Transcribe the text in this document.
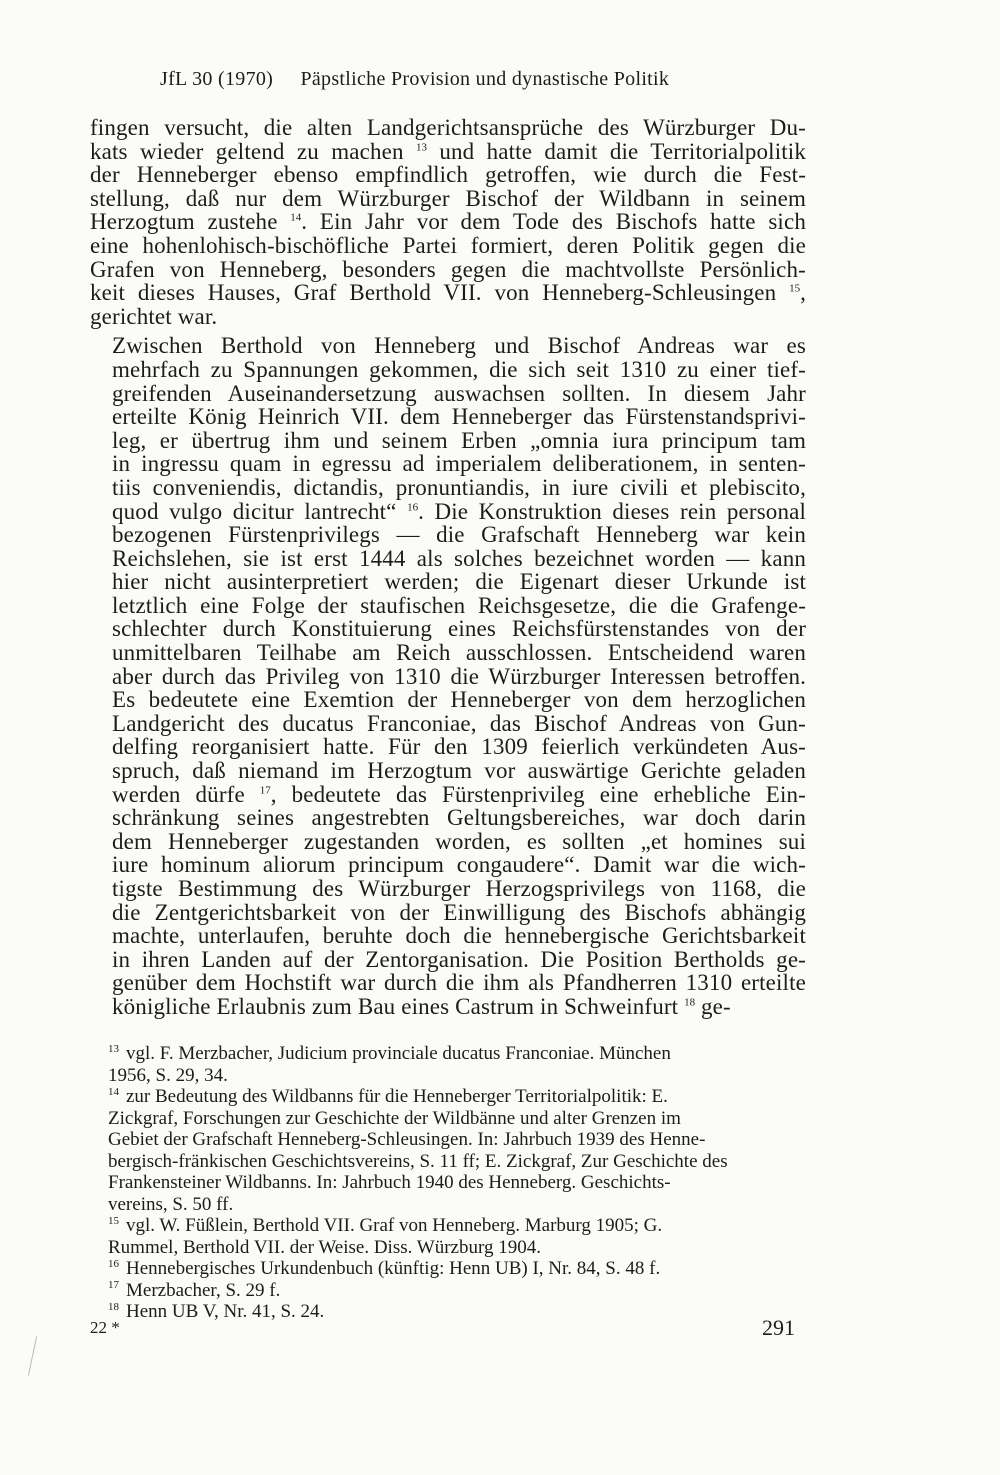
JfL 30 (1970) Päpstliche Provision und dynastische Politik
fingen versucht, die alten Landgerichtsansprüche des Würzburger Du-
kats wieder geltend zu machen $^{13}$ und hatte damit die Territorialpolitik
der Henneberger ebenso empfindlich getroffen, wie durch die Fest-
stellung, daß nur dem Würzburger Bischof der Wildbann in seinem
Herzogtum zustehe $^{14}$. Ein Jahr vor dem Tode des Bischofs hatte sich
eine hohenlohisch-bischöfliche Partei formiert, deren Politik gegen die
Grafen von Henneberg, besonders gegen die machtvollste Persönlich-
keit dieses Hauses, Graf Berthold VII. von Henneberg-Schleusingen $^{15}$,
gerichtet war.
Zwischen Berthold von Henneberg und Bischof Andreas war es
mehrfach zu Spannungen gekommen, die sich seit 1310 zu einer tief-
greifenden Auseinandersetzung auswachsen sollten. In diesem Jahr
erteilte König Heinrich VII. dem Henneberger das Fürstenstandsprivi-
leg, er übertrug ihm und seinem Erben „omnia iura principum tam
in ingressu quam in egressu ad imperialem deliberationem, in senten-
tiis conveniendis, dictandis, pronuntiandis, in iure civili et plebiscito,
quod vulgo dicitur lantrecht“ $^{16}$. Die Konstruktion dieses rein personal
bezogenen Fürstenprivilegs — die Grafschaft Henneberg war kein
Reichslehen, sie ist erst 1444 als solches bezeichnet worden — kann
hier nicht ausinterpretiert werden; die Eigenart dieser Urkunde ist
letztlich eine Folge der staufischen Reichsgesetze, die die Grafenge-
schlechter durch Konstituierung eines Reichsfürstenstandes von der
unmittelbaren Teilhabe am Reich ausschlossen. Entscheidend waren
aber durch das Privileg von 1310 die Würzburger Interessen betroffen.
Es bedeutete eine Exemtion der Henneberger von dem herzoglichen
Landgericht des ducatus Franconiae, das Bischof Andreas von Gun-
delfing reorganisiert hatte. Für den 1309 feierlich verkündeten Aus-
spruch, daß niemand im Herzogtum vor auswärtige Gerichte geladen
werden dürfe $^{17}$, bedeutete das Fürstenprivileg eine erhebliche Ein-
schränkung seines angestrebten Geltungsbereiches, war doch darin
dem Henneberger zugestanden worden, es sollten „et homines sui
iure hominum aliorum principum congaudere“. Damit war die wich-
tigste Bestimmung des Würzburger Herzogsprivilegs von 1168, die
die Zentgerichtsbarkeit von der Einwilligung des Bischofs abhängig
machte, unterlaufen, beruhte doch die hennebergische Gerichtsbarkeit
in ihren Landen auf der Zentorganisation. Die Position Bertholds ge-
genüber dem Hochstift war durch die ihm als Pfandherren 1310 erteilte
königliche Erlaubnis zum Bau eines Castrum in Schweinfurt $^{18}$ ge-
13 vgl. F. Merzbacher, Judicium provinciale ducatus Franconiae. München
1956, S. 29, 34.
14 zur Bedeutung des Wildbanns für die Henneberger Territorialpolitik: E.
Zickgraf, Forschungen zur Geschichte der Wildbänne und alter Grenzen im
Gebiet der Grafschaft Henneberg-Schleusingen. In: Jahrbuch 1939 des Henne-
bergisch-fränkischen Geschichtsvereins, S. 11 ff; E. Zickgraf, Zur Geschichte des
Frankensteiner Wildbanns. In: Jahrbuch 1940 des Henneberg. Geschichts-
vereins, S. 50 ff.
15 vgl. W. Füßlein, Berthold VII. Graf von Henneberg. Marburg 1905; G.
Rummel, Berthold VII. der Weise. Diss. Würzburg 1904.
16 Hennebergisches Urkundenbuch (künftig: Henn UB) I, Nr. 84, S. 48 f.
17 Merzbacher, S. 29 f.
18 Henn UB V, Nr. 41, S. 24.
22 *	291
